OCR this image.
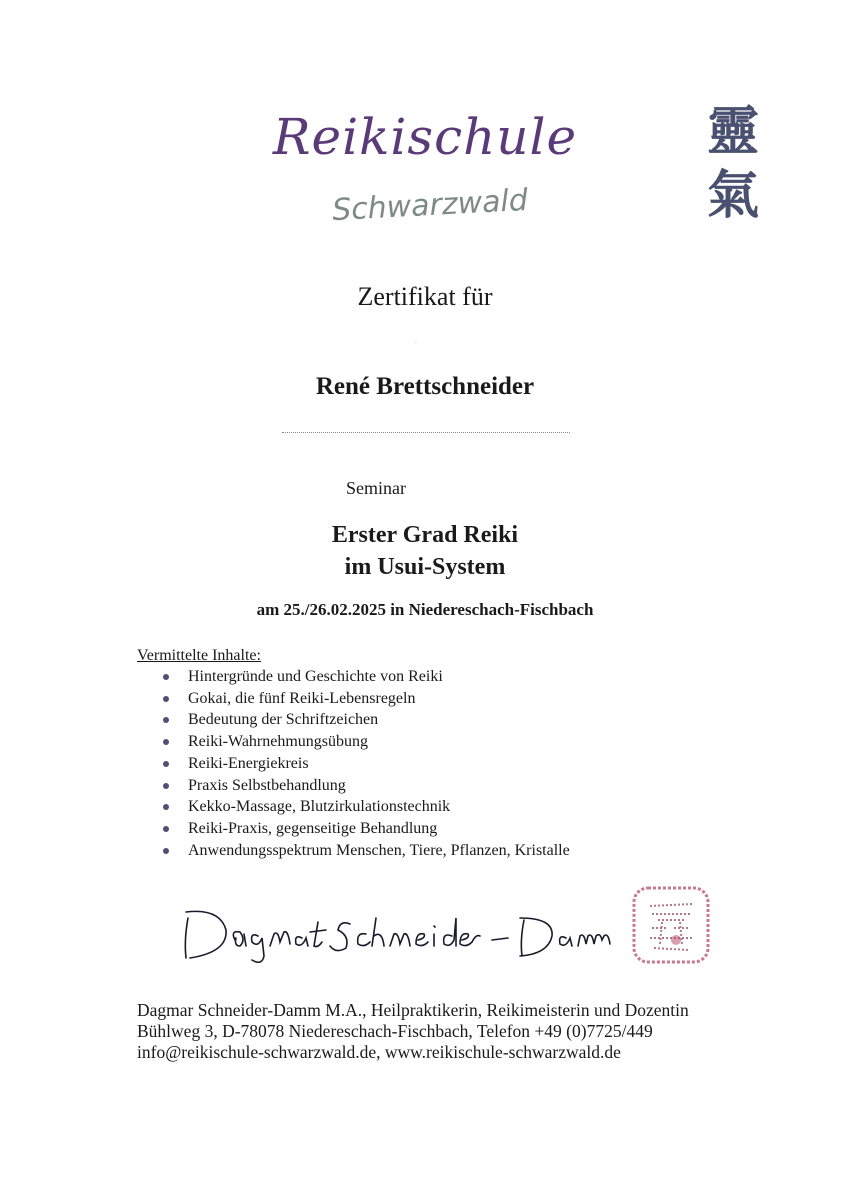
Reikischule
Schwarzwald
靈
氣
Zertifikat für
·
René Brettschneider
Seminar
Erster Grad Reiki
im Usui-System
am 25./26.02.2025 in Niedereschach-Fischbach
Vermittelte Inhalte:
Hintergründe und Geschichte von Reiki
Gokai, die fünf Reiki-Lebensregeln
Bedeutung der Schriftzeichen
Reiki-Wahrnehmungsübung
Reiki-Energiekreis
Praxis Selbstbehandlung
Kekko-Massage, Blutzirkulationstechnik
Reiki-Praxis, gegenseitige Behandlung
Anwendungsspektrum Menschen, Tiere, Pflanzen, Kristalle
Dagmar Schneider-Damm M.A., Heilpraktikerin, Reikimeisterin und Dozentin
Bühlweg 3, D-78078 Niedereschach-Fischbach, Telefon +49 (0)7725/449
info@reikischule-schwarzwald.de, www.reikischule-schwarzwald.de
